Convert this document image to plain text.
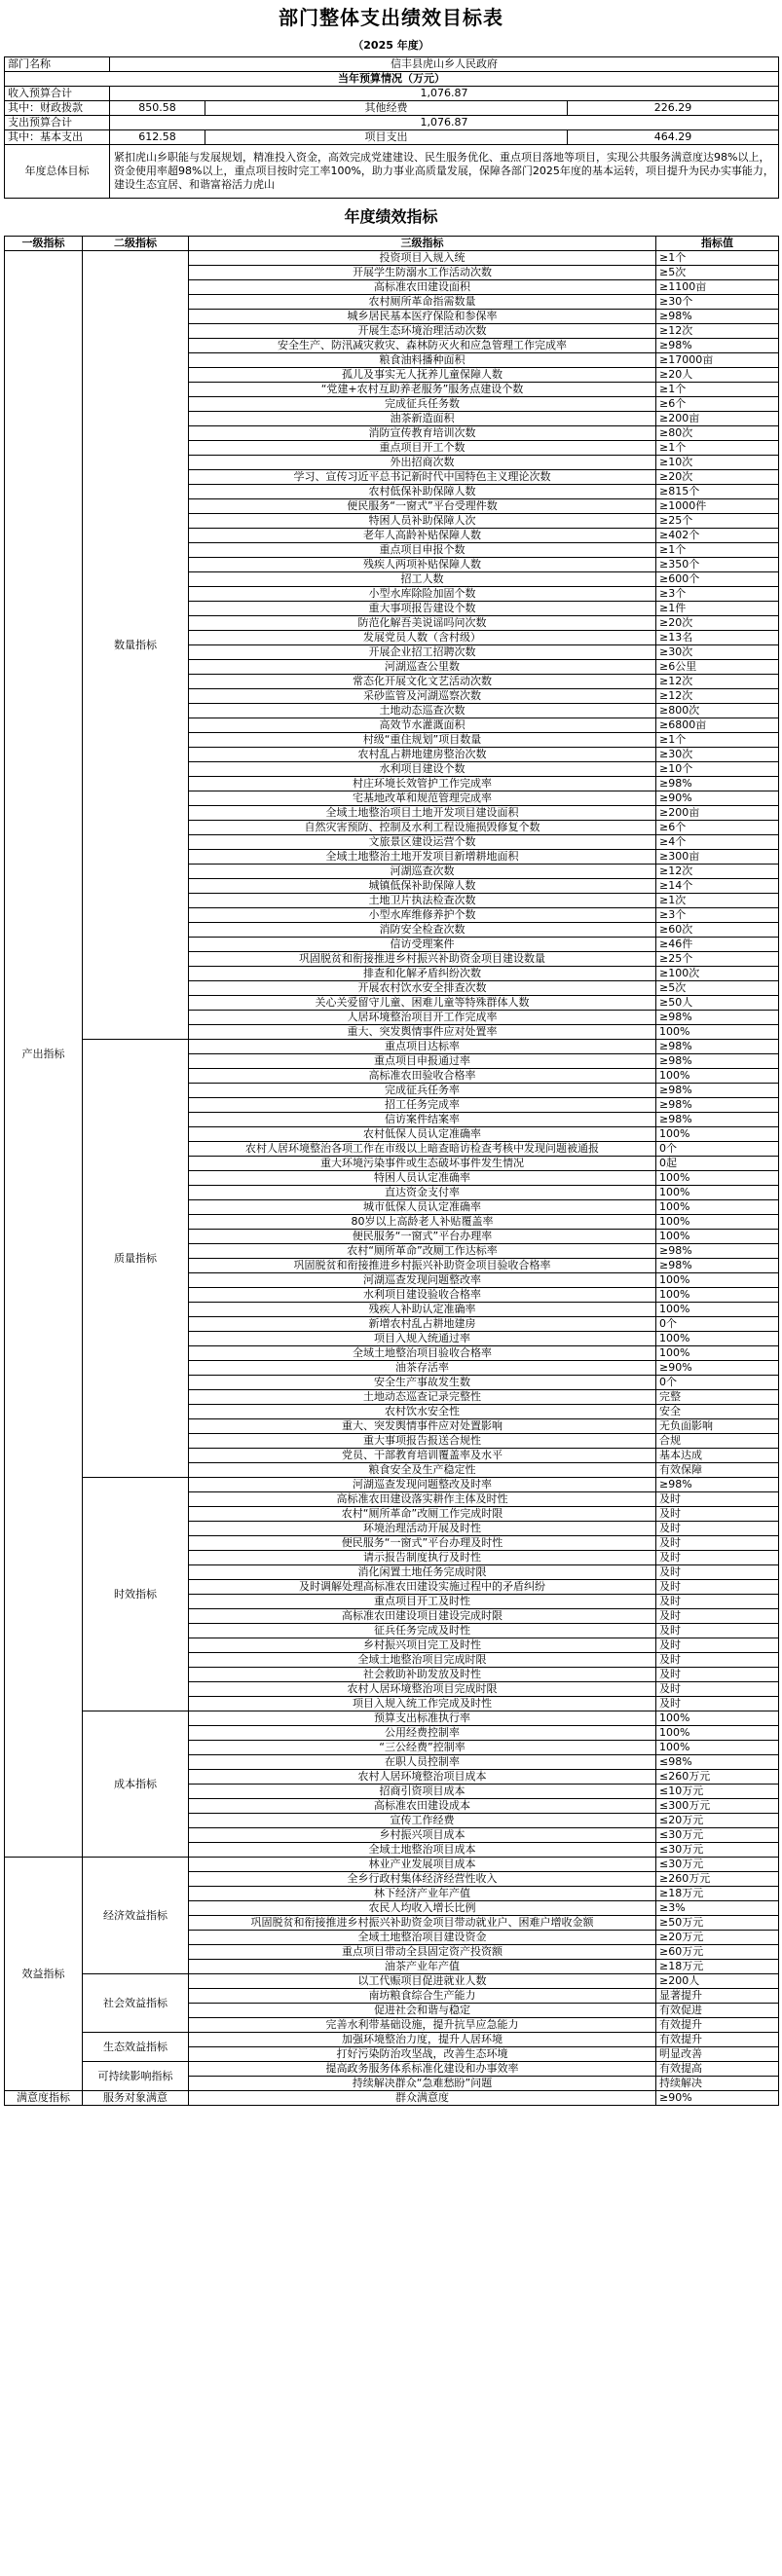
部门整体支出绩效目标表
（2025 年度）
部门名称	信丰县虎山乡人民政府		
当年预算情况（万元）			
收入预算合计	1,076.87		
其中：财政拨款	850.58	其他经费	226.29
支出预算合计	1,076.87		
其中：基本支出	612.58	项目支出	464.29
年度总体目标	紧扣虎山乡职能与发展规划，精准投入资金，高效完成党建建设、民生服务优化、重点项目落地等项目，实现公共服务满意度达98%以上，资金使用率超98%以上，重点项目按时完工率100%，助力事业高质量发展，保障各部门2025年度的基本运转，项目提升为民办实事能力，建设生态宜居、和谐富裕活力虎山		
年度绩效指标
一级指标	二级指标	三级指标	指标值
产出指标	数量指标	投资项目入规入统	≥1个
		开展学生防溺水工作活动次数	≥5次
		高标准农田建设面积	≥1100亩
		农村厕所革命指需数量	≥30个
		城乡居民基本医疗保险和参保率	≥98%
		开展生态环境治理活动次数	≥12次
		安全生产、防汛减灾救灾、森林防灭火和应急管理工作完成率	≥98%
		粮食油料播种面积	≥17000亩
		孤儿及事实无人抚养儿童保障人数	≥20人
		“党建+农村互助养老服务”服务点建设个数	≥1个
		完成征兵任务数	≥6个
		油茶新造面积	≥200亩
		消防宣传教育培训次数	≥80次
		重点项目开工个数	≥1个
		外出招商次数	≥10次
		学习、宣传习近平总书记新时代中国特色主义理论次数	≥20次
		农村低保补助保障人数	≥815个
		便民服务“一窗式”平台受理件数	≥1000件
		特困人员补助保障人次	≥25个
		老年人高龄补贴保障人数	≥402个
		重点项目申报个数	≥1个
		残疾人两项补贴保障人数	≥350个
		招工人数	≥600个
		小型水库除险加固个数	≥3个
		重大事项报告建设个数	≥1件
		防范化解吾美说谣吗问次数	≥20次
		发展党员人数（含村级）	≥13名
		开展企业招工招聘次数	≥30次
		河湖巡查公里数	≥6公里
		常态化开展文化文艺活动次数	≥12次
		采砂监管及河湖巡察次数	≥12次
		土地动态巡查次数	≥800次
		高效节水灌溉面积	≥6800亩
		村级“重住规划”项目数量	≥1个
		农村乱占耕地建房整治次数	≥30次
		水利项目建设个数	≥10个
		村庄环境长效管护工作完成率	≥98%
		宅基地改革和规范管理完成率	≥90%
		全域土地整治项目土地开发项目建设面积	≥200亩
		自然灾害预防、控制及水利工程设施损毁修复个数	≥6个
		文旅景区建设运营个数	≥4个
		全域土地整治土地开发项目新增耕地面积	≥300亩
		河湖巡查次数	≥12次
		城镇低保补助保障人数	≥14个
		土地卫片执法检查次数	≥1次
		小型水库维修养护个数	≥3个
		消防安全检查次数	≥60次
		信访受理案件	≥46件
		巩固脱贫和衔接推进乡村振兴补助资金项目建设数量	≥25个
		排查和化解矛盾纠纷次数	≥100次
		开展农村饮水安全排查次数	≥5次
		关心关爱留守儿童、困难儿童等特殊群体人数	≥50人
		人居环境整治项目开工作完成率	≥98%
		重大、突发舆情事件应对处置率	100%
	质量指标	重点项目达标率	≥98%
		重点项目申报通过率	≥98%
		高标准农田验收合格率	100%
		完成征兵任务率	≥98%
		招工任务完成率	≥98%
		信访案件结案率	≥98%
		农村低保人员认定准确率	100%
		农村人居环境整治各项工作在市级以上暗查暗访检查考核中发现问题被通报	0个
		重大环境污染事件或生态破坏事件发生情况	0起
		特困人员认定准确率	100%
		直达资金支付率	100%
		城市低保人员认定准确率	100%
		80岁以上高龄老人补贴覆盖率	100%
		便民服务“一窗式”平台办理率	100%
		农村“厕所革命”改厕工作达标率	≥98%
		巩固脱贫和衔接推进乡村振兴补助资金项目验收合格率	≥98%
		河湖巡查发现问题整改率	100%
		水利项目建设验收合格率	100%
		残疾人补助认定准确率	100%
		新增农村乱占耕地建房	0个
		项目入规入统通过率	100%
		全域土地整治项目验收合格率	100%
		油茶存活率	≥90%
		安全生产事故发生数	0个
		土地动态巡查记录完整性	完整
		农村饮水安全性	安全
		重大、突发舆情事件应对处置影响	无负面影响
		重大事项报告报送合规性	合规
		党员、干部教育培训覆盖率及水平	基本达成
		粮食安全及生产稳定性	有效保障
	时效指标	河湖巡查发现问题整改及时率	≥98%
		高标准农田建设落实耕作主体及时性	及时
		农村“厕所革命”改厕工作完成时限	及时
		环境治理活动开展及时性	及时
		便民服务“一窗式”平台办理及时性	及时
		请示报告制度执行及时性	及时
		消化闲置土地任务完成时限	及时
		及时调解处理高标准农田建设实施过程中的矛盾纠纷	及时
		重点项目开工及时性	及时
		高标准农田建设项目建设完成时限	及时
		征兵任务完成及时性	及时
		乡村振兴项目完工及时性	及时
		全域土地整治项目完成时限	及时
		社会救助补助发放及时性	及时
		农村人居环境整治项目完成时限	及时
		项目入规入统工作完成及时性	及时
	成本指标	预算支出标准执行率	100%
		公用经费控制率	100%
		“三公经费”控制率	100%
		在职人员控制率	≤98%
		农村人居环境整治项目成本	≤260万元
		招商引资项目成本	≤10万元
		高标准农田建设成本	≤300万元
		宣传工作经费	≤20万元
		乡村振兴项目成本	≤30万元
		全域土地整治项目成本	≤30万元
效益指标	经济效益指标	林业产业发展项目成本	≤30万元
		全乡行政村集体经济经营性收入	≥260万元
		林下经济产业年产值	≥18万元
		农民人均收入增长比例	≥3%
		巩固脱贫和衔接推进乡村振兴补助资金项目带动就业户、困难户增收金额	≥50万元
		全域土地整治项目建设资金	≥20万元
		重点项目带动全县固定资产投资额	≥60万元
		油茶产业年产值	≥18万元
	社会效益指标	以工代赈项目促进就业人数	≥200人
		南坊粮食综合生产能力	显著提升
		促进社会和谐与稳定	有效促进
		完善水利带基础设施，提升抗旱应急能力	有效提升
	生态效益指标	加强环境整治力度，提升人居环境	有效提升
		打好污染防治攻坚战，改善生态环境	明显改善
	可持续影响指标	提高政务服务体系标准化建设和办事效率	有效提高
		持续解决群众“急难愁盼”问题	持续解决
满意度指标	服务对象满意	群众满意度	≥90%
